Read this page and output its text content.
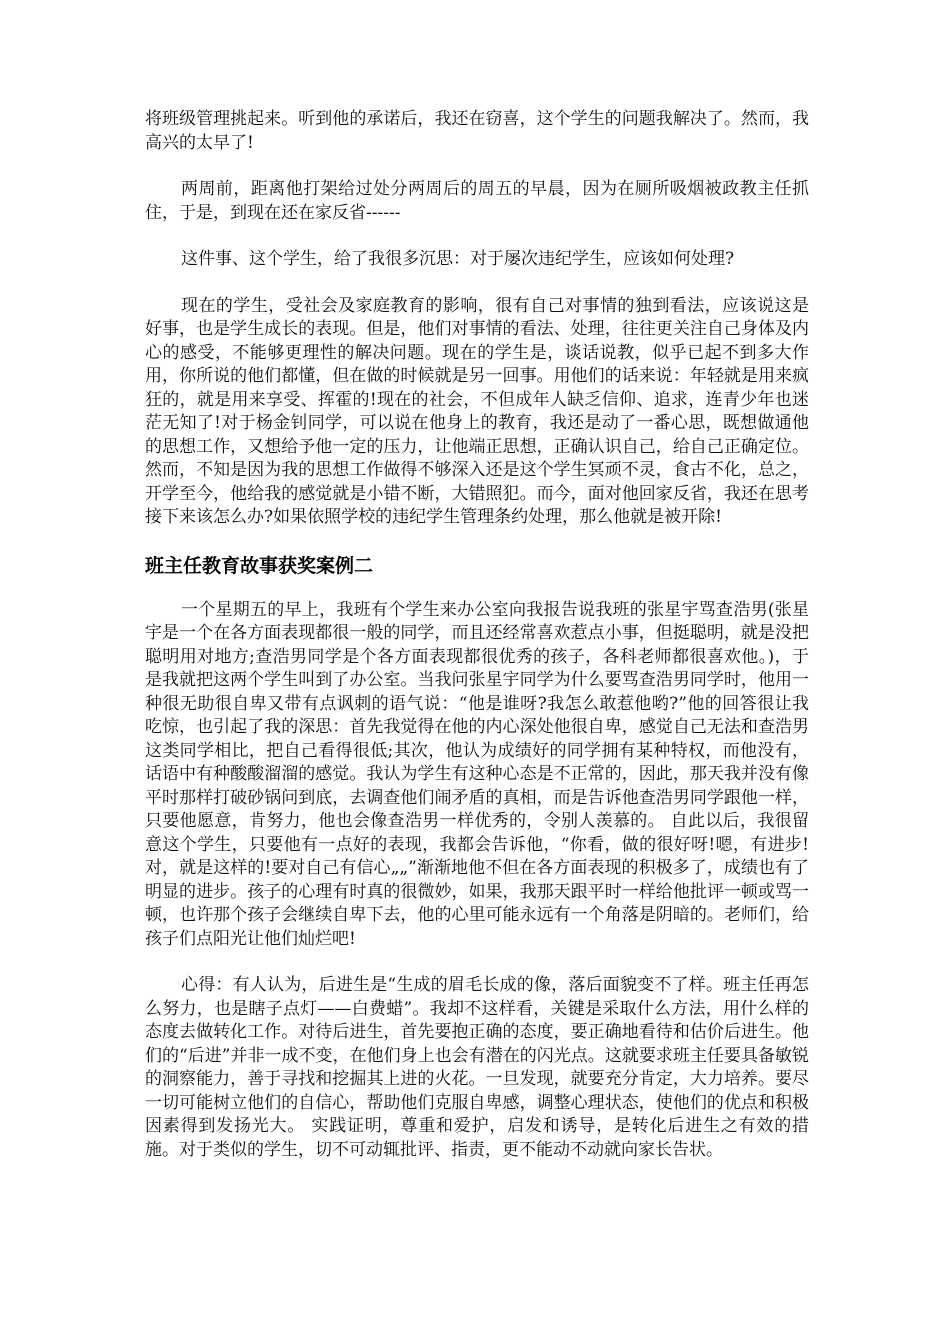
将班级管理挑起来。听到他的承诺后，我还在窃喜，这个学生的问题我解决了。然而，我高兴的太早了!

两周前，距离他打架给过处分两周后的周五的早晨，因为在厕所吸烟被政教主任抓住，于是，到现在还在家反省------

这件事、这个学生，给了我很多沉思：对于屡次违纪学生，应该如何处理?

现在的学生，受社会及家庭教育的影响，很有自己对事情的独到看法，应该说这是好事，也是学生成长的表现。但是，他们对事情的看法、处理，往往更关注自己身体及内心的感受，不能够更理性的解决问题。现在的学生是，谈话说教，似乎已起不到多大作用，你所说的他们都懂，但在做的时候就是另一回事。用他们的话来说：年轻就是用来疯狂的，就是用来享受、挥霍的!现在的社会，不但成年人缺乏信仰、追求，连青少年也迷茫无知了!对于杨金钊同学，可以说在他身上的教育，我还是动了一番心思，既想做通他的思想工作，又想给予他一定的压力，让他端正思想，正确认识自己，给自己正确定位。然而，不知是因为我的思想工作做得不够深入还是这个学生冥顽不灵，食古不化，总之，开学至今，他给我的感觉就是小错不断，大错照犯。而今，面对他回家反省，我还在思考接下来该怎么办?如果依照学校的违纪学生管理条约处理，那么他就是被开除!

班主任教育故事获奖案例二

一个星期五的早上，我班有个学生来办公室向我报告说我班的张星宇骂查浩男(张星宇是一个在各方面表现都很一般的同学，而且还经常喜欢惹点小事，但挺聪明，就是没把聪明用对地方;查浩男同学是个各方面表现都很优秀的孩子，各科老师都很喜欢他。)，于是我就把这两个学生叫到了办公室。当我问张星宇同学为什么要骂查浩男同学时，他用一种很无助很自卑又带有点讽刺的语气说：“他是谁呀?我怎么敢惹他哟?”他的回答很让我吃惊，也引起了我的深思：首先我觉得在他的内心深处他很自卑，感觉自己无法和查浩男这类同学相比，把自己看得很低;其次，他认为成绩好的同学拥有某种特权，而他没有，话语中有种酸酸溜溜的感觉。我认为学生有这种心态是不正常的，因此，那天我并没有像平时那样打破砂锅问到底，去调查他们闹矛盾的真相，而是告诉他查浩男同学跟他一样，只要他愿意，肯努力，他也会像查浩男一样优秀的，令别人羡慕的。 自此以后，我很留意这个学生，只要他有一点好的表现，我都会告诉他，“你看，做的很好呀!嗯，有进步!对，就是这样的!要对自己有信心„„”渐渐地他不但在各方面表现的积极多了，成绩也有了明显的进步。孩子的心理有时真的很微妙，如果，我那天跟平时一样给他批评一顿或骂一顿，也许那个孩子会继续自卑下去，他的心里可能永远有一个角落是阴暗的。老师们，给孩子们点阳光让他们灿烂吧!

心得：有人认为，后进生是“生成的眉毛长成的像，落后面貌变不了样。班主任再怎么努力，也是瞎子点灯——白费蜡”。我却不这样看，关键是采取什么方法，用什么样的态度去做转化工作。对待后进生，首先要抱正确的态度，要正确地看待和估价后进生。他们的“后进”并非一成不变，在他们身上也会有潜在的闪光点。这就要求班主任要具备敏锐的洞察能力，善于寻找和挖掘其上进的火花。一旦发现，就要充分肯定，大力培养。要尽一切可能树立他们的自信心，帮助他们克服自卑感，调整心理状态，使他们的优点和积极因素得到发扬光大。 实践证明，尊重和爱护，启发和诱导，是转化后进生之有效的措施。对于类似的学生，切不可动辄批评、指责，更不能动不动就向家长告状。
